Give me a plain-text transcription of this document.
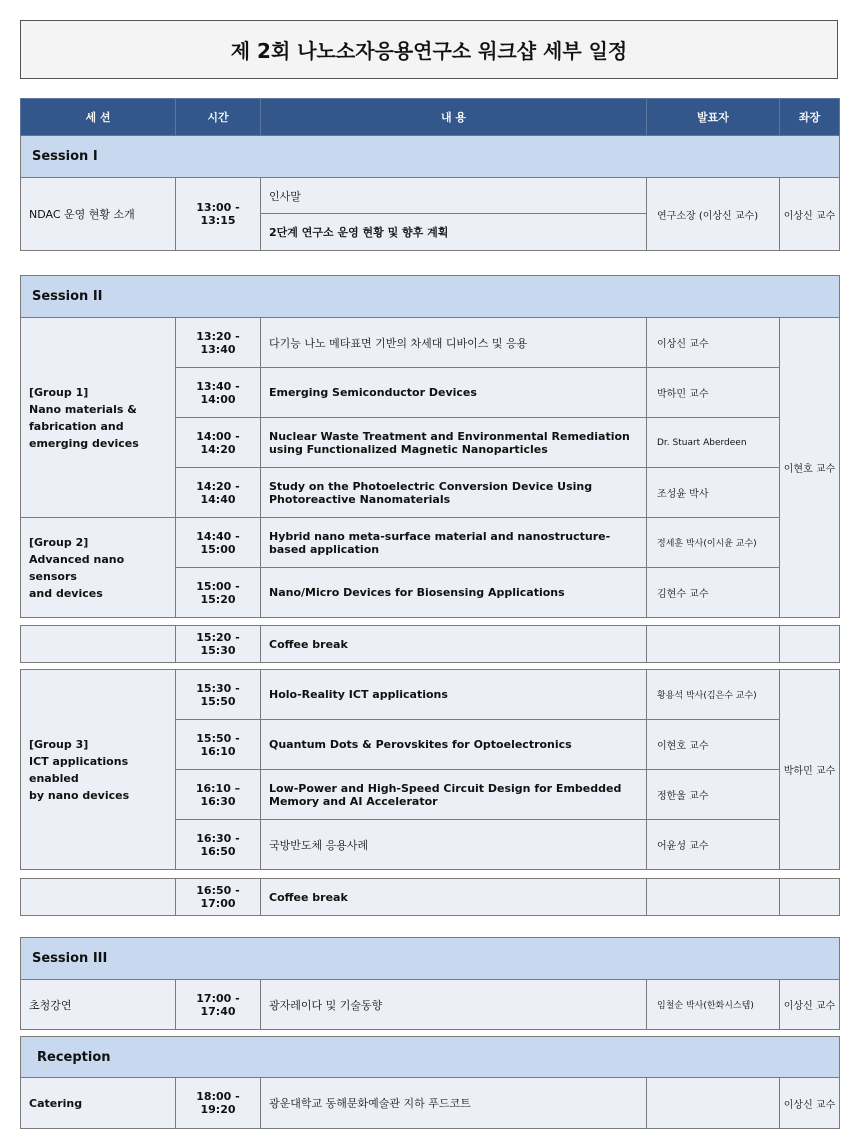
제 2회 나노소자응용연구소 워크샵 세부 일정
세 션	시간	내 용	발표자	좌장
Session I				
NDAC 운영 현황 소개	13:00 - 13:15	인사말	연구소장 (이상신 교수)	이상신 교수
		2단계 연구소 운영 현황 및 향후 계획		
Session II				

[Group 1]
Nano materials &
fabrication and
emerging devices	13:20 - 13:40	다기능 나노 메타표면 기반의 차세대 디바이스 및 응용	이상신 교수	이현호 교수
	13:40 - 14:00	Emerging Semiconductor Devices	박하민 교수	
	14:00 - 14:20	Nuclear Waste Treatment and Environmental Remediation using Functionalized Magnetic Nanoparticles	Dr. Stuart Aberdeen	
	14:20 - 14:40	Study on the Photoelectric Conversion Device Using Photoreactive Nanomaterials	조성윤 박사	

[Group 2]
Advanced nano sensors
and devices	14:40 - 15:00	Hybrid nano meta-surface material and nanostructure-based application	정세훈 박사(이시윤 교수)	
	15:00 - 15:20	Nano/Micro Devices for Biosensing Applications	김현수 교수	
	15:20 - 15:30	Coffee break		
[Group 3]
ICT applications enabled
by nano devices	15:30 - 15:50	Holo-Reality ICT applications	황용석 박사(김은수 교수)	박하민 교수
	15:50 - 16:10	Quantum Dots & Perovskites for Optoelectronics	이현호 교수	
	16:10 – 16:30	Low-Power and High-Speed Circuit Design for Embedded Memory and AI Accelerator	정한울 교수	
	16:30 - 16:50	국방반도체 응용사례	어윤성 교수	
	16:50 - 17:00	Coffee break		
Session III
초청강연	17:00 - 17:40	광자레이다 및 기술동향	임철순 박사(한화시스템)	이상신 교수
Reception
Catering	18:00 - 19:20	광운대학교 동해문화예술관 지하 푸드코트		이상신 교수
